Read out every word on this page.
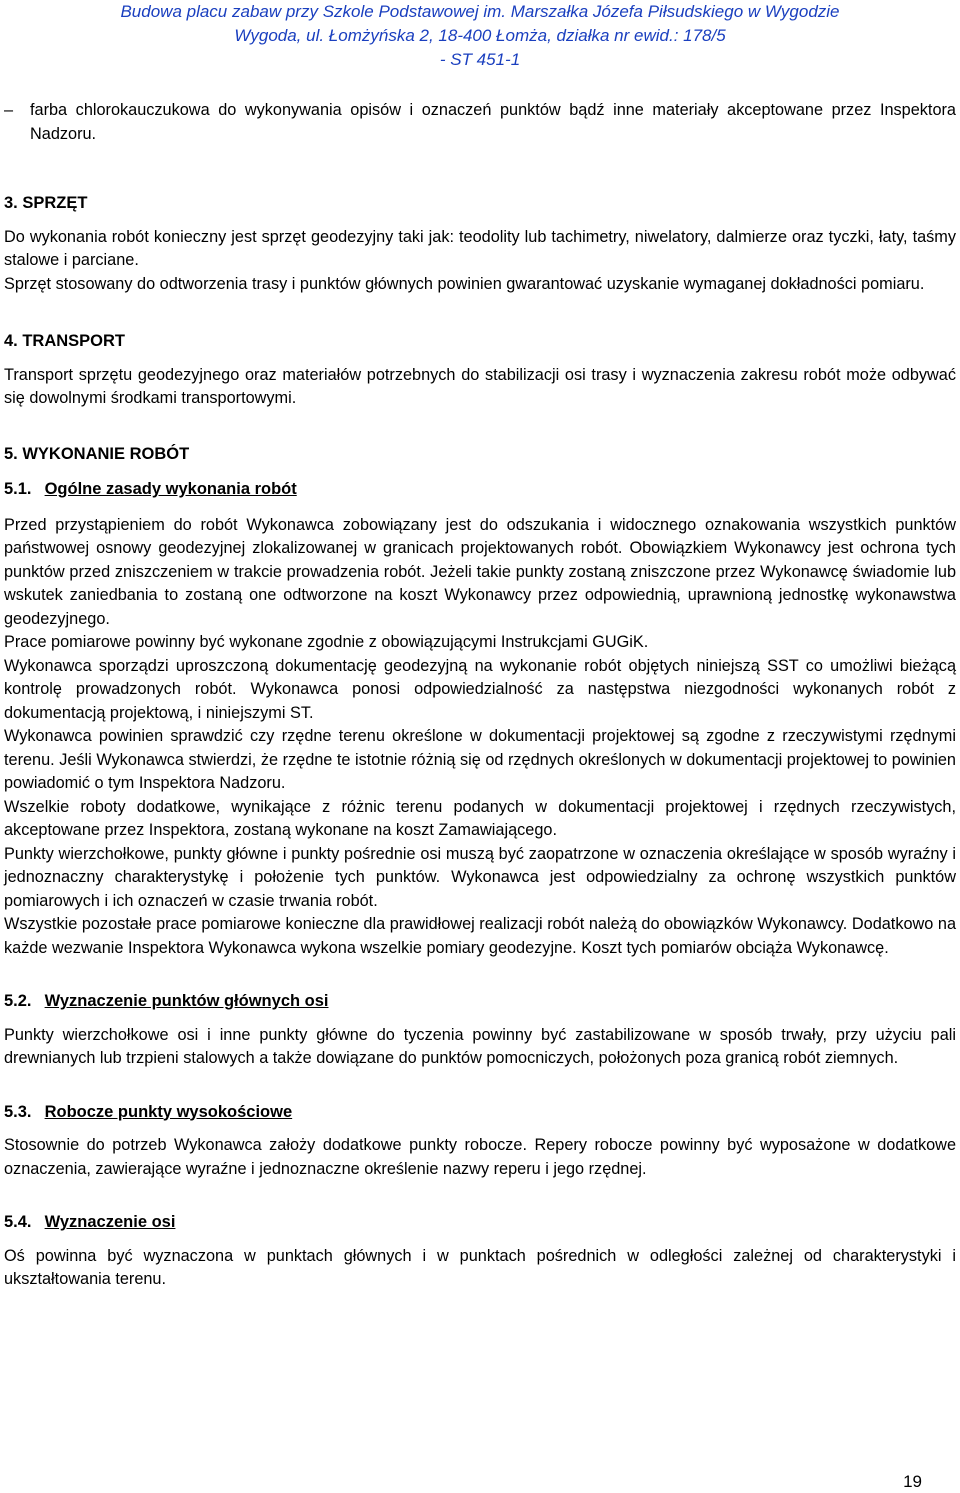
Budowa placu zabaw przy Szkole Podstawowej im. Marszałka Józefa Piłsudskiego w Wygodzie
Wygoda, ul. Łomżyńska 2, 18-400 Łomża, działka nr ewid.: 178/5
- ST 451-1
– farba chlorokauczukowa do wykonywania opisów i oznaczeń punktów bądź inne materiały akceptowane przez Inspektora Nadzoru.

3. SPRZĘT

Do wykonania robót konieczny jest sprzęt geodezyjny taki jak: teodolity lub tachimetry, niwelatory, dalmierze oraz tyczki, łaty, taśmy stalowe i parciane.

Sprzęt stosowany do odtworzenia trasy i punktów głównych powinien gwarantować uzyskanie wymaganej dokładności pomiaru.

4. TRANSPORT

Transport sprzętu geodezyjnego oraz materiałów potrzebnych do stabilizacji osi trasy i wyznaczenia zakresu robót może odbywać się dowolnymi środkami transportowymi.

5. WYKONANIE ROBÓT

5.1. Ogólne zasady wykonania robót

Przed przystąpieniem do robót Wykonawca zobowiązany jest do odszukania i widocznego oznakowania wszystkich punktów państwowej osnowy geodezyjnej zlokalizowanej w granicach projektowanych robót. Obowiązkiem Wykonawcy jest ochrona tych punktów przed zniszczeniem w trakcie prowadzenia robót. Jeżeli takie punkty zostaną zniszczone przez Wykonawcę świadomie lub wskutek zaniedbania to zostaną one odtworzone na koszt Wykonawcy przez odpowiednią, uprawnioną jednostkę wykonawstwa geodezyjnego.

Prace pomiarowe powinny być wykonane zgodnie z obowiązującymi Instrukcjami GUGiK.

Wykonawca sporządzi uproszczoną dokumentację geodezyjną na wykonanie robót objętych niniejszą SST co umożliwi bieżącą kontrolę prowadzonych robót. Wykonawca ponosi odpowiedzialność za następstwa niezgodności wykonanych robót z dokumentacją projektową, i niniejszymi ST.

Wykonawca powinien sprawdzić czy rzędne terenu określone w dokumentacji projektowej są zgodne z rzeczywistymi rzędnymi terenu. Jeśli Wykonawca stwierdzi, że rzędne te istotnie różnią się od rzędnych określonych w dokumentacji projektowej to powinien powiadomić o tym Inspektora Nadzoru.

Wszelkie roboty dodatkowe, wynikające z różnic terenu podanych w dokumentacji projektowej i rzędnych rzeczywistych, akceptowane przez Inspektora, zostaną wykonane na koszt Zamawiającego.

Punkty wierzchołkowe, punkty główne i punkty pośrednie osi muszą być zaopatrzone w oznaczenia określające w sposób wyraźny i jednoznaczny charakterystykę i położenie tych punktów. Wykonawca jest odpowiedzialny za ochronę wszystkich punktów pomiarowych i ich oznaczeń w czasie trwania robót.

Wszystkie pozostałe prace pomiarowe konieczne dla prawidłowej realizacji robót należą do obowiązków Wykonawcy. Dodatkowo na każde wezwanie Inspektora Wykonawca wykona wszelkie pomiary geodezyjne. Koszt tych pomiarów obciąża Wykonawcę.

5.2. Wyznaczenie punktów głównych osi

Punkty wierzchołkowe osi i inne punkty główne do tyczenia powinny być zastabilizowane w sposób trwały, przy użyciu pali drewnianych lub trzpieni stalowych a także dowiązane do punktów pomocniczych, położonych poza granicą robót ziemnych.

5.3. Robocze punkty wysokościowe

Stosownie do potrzeb Wykonawca założy dodatkowe punkty robocze. Repery robocze powinny być wyposażone w dodatkowe oznaczenia, zawierające wyraźne i jednoznaczne określenie nazwy reperu i jego rzędnej.

5.4. Wyznaczenie osi

Oś powinna być wyznaczona w punktach głównych i w punktach pośrednich w odległości zależnej od charakterystyki i ukształtowania terenu.

19
